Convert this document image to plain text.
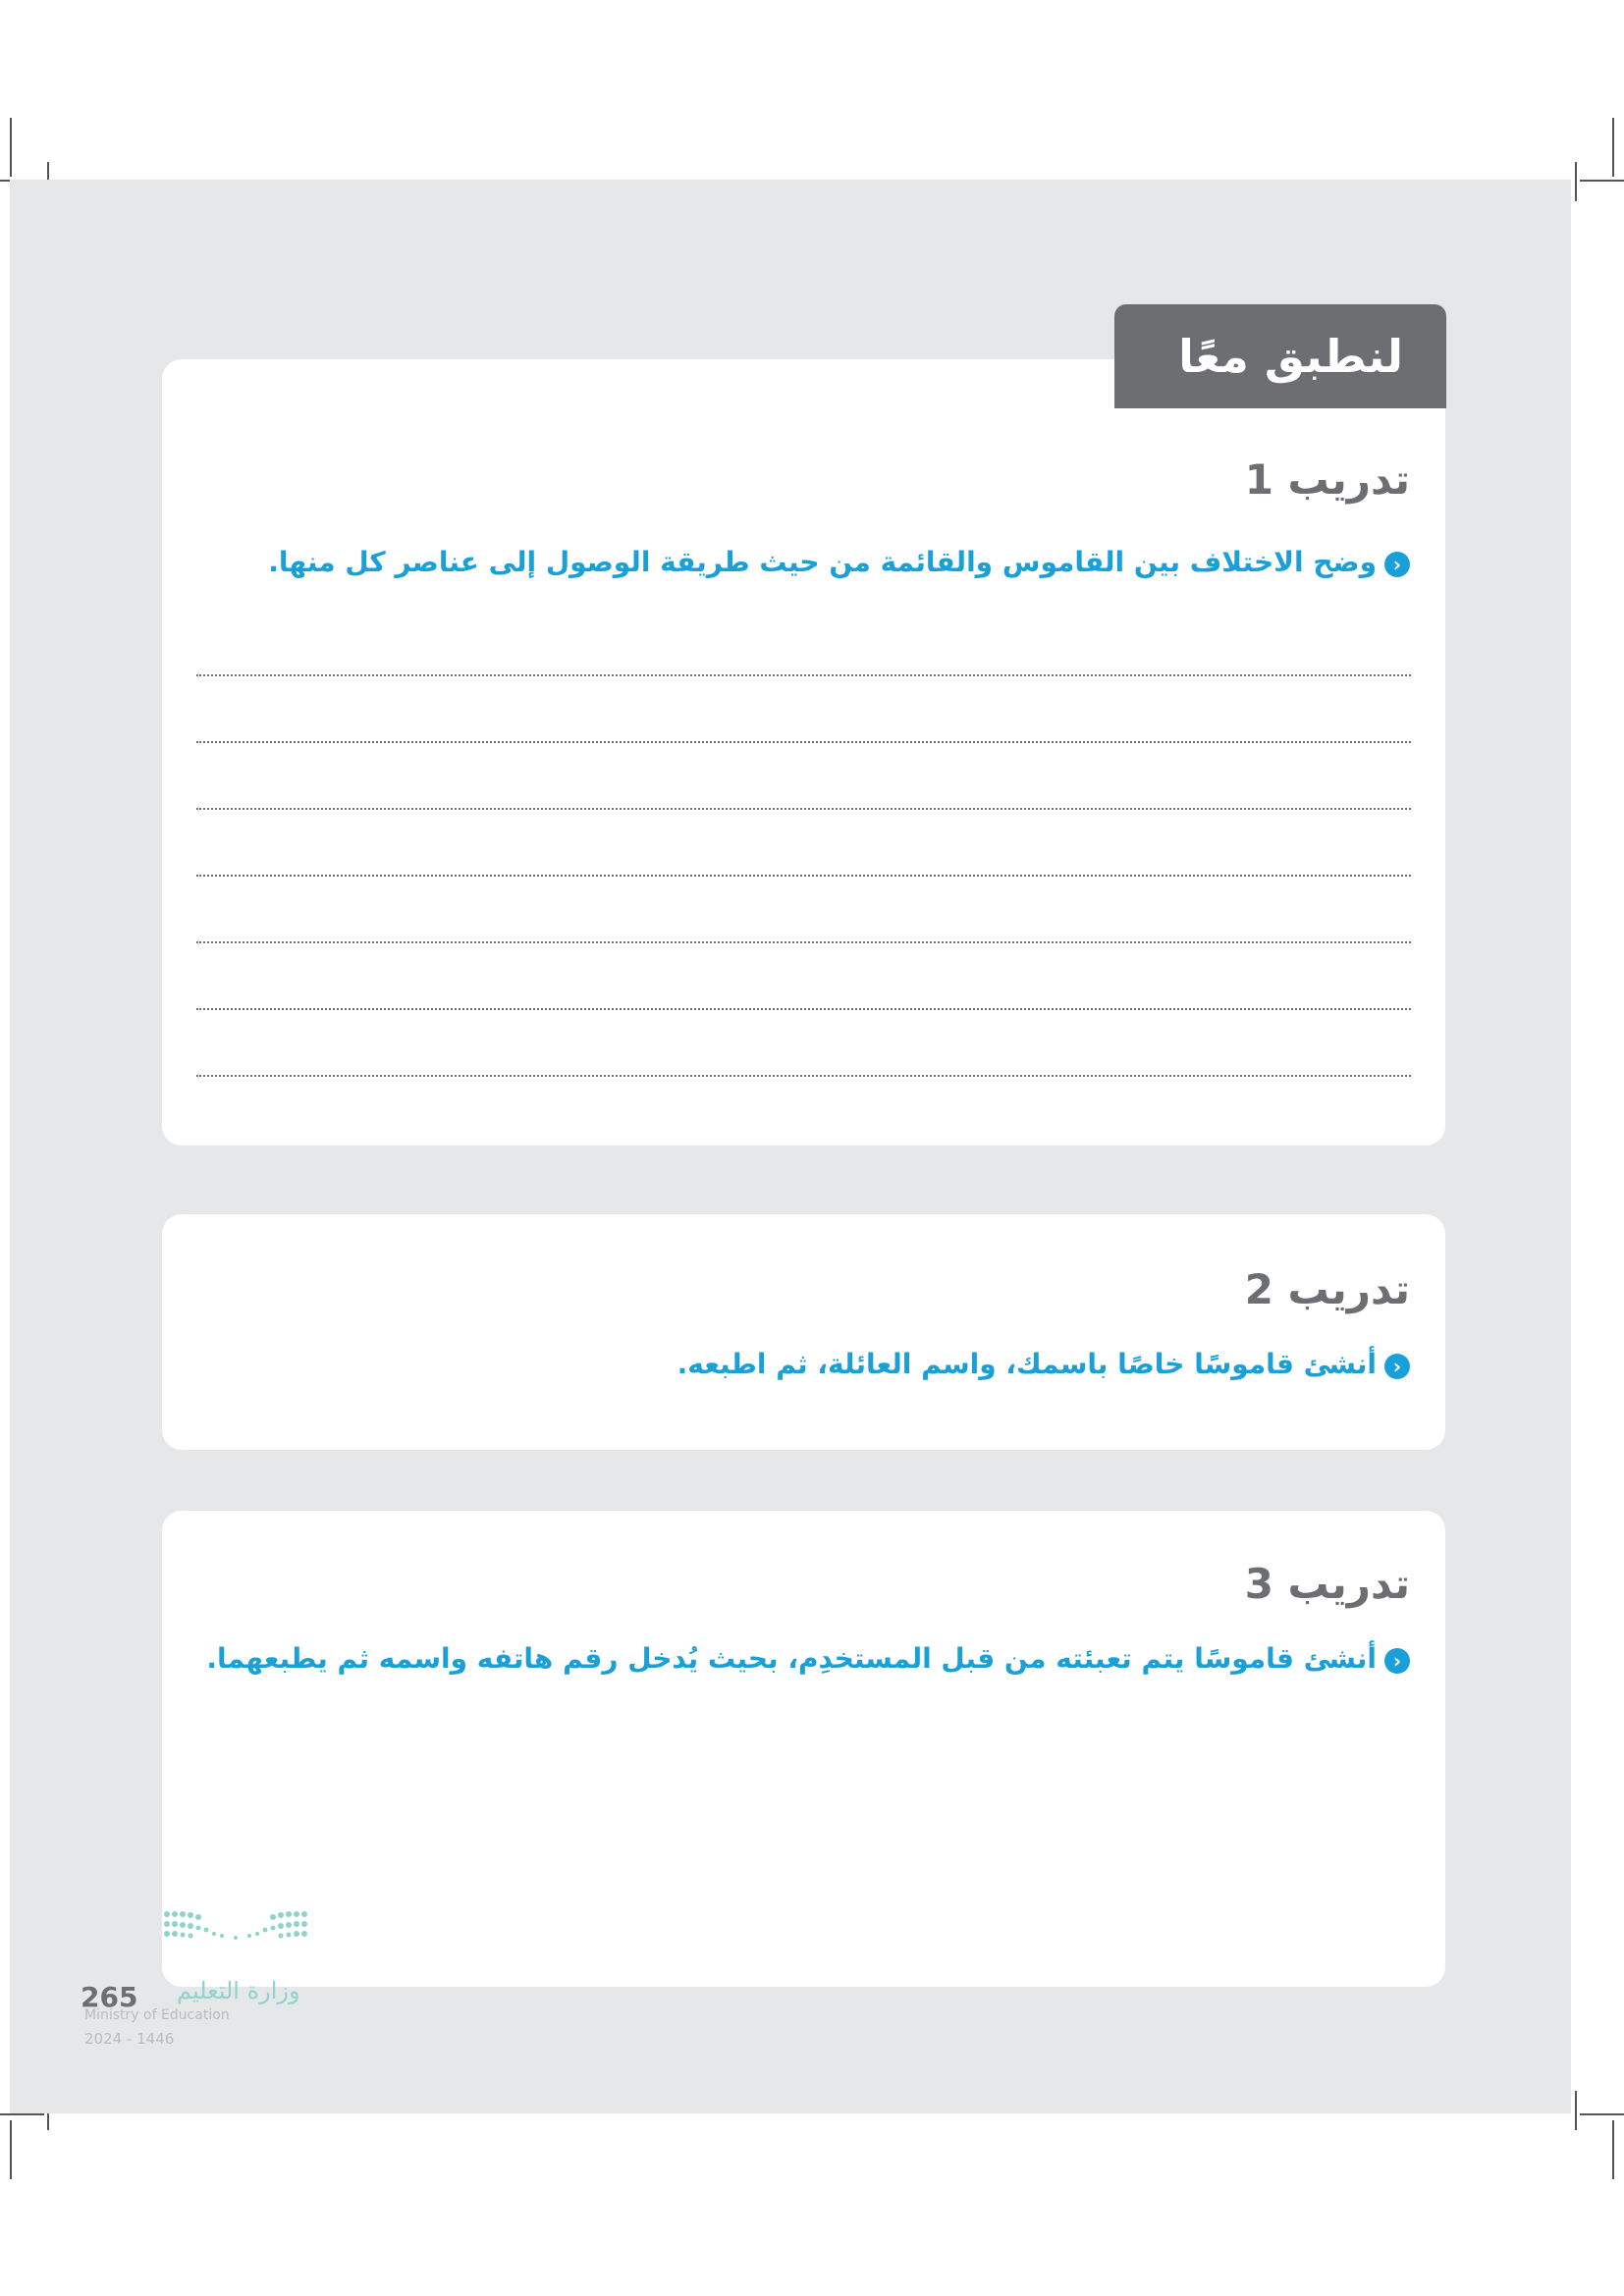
لنطبق معًا
تدريب 1
›
وضح الاختلاف بين القاموس والقائمة من حيث طريقة الوصول إلى عناصر كل منها.
تدريب 2
›
أنشئ قاموسًا خاصًا باسمك، واسم العائلة، ثم اطبعه.
تدريب 3
›
أنشئ قاموسًا يتم تعبئته من قبل المستخدِم، بحيث يُدخل رقم هاتفه واسمه ثم يطبعهما.
وزارة التعليم
265
Ministry of Education
2024 - 1446
